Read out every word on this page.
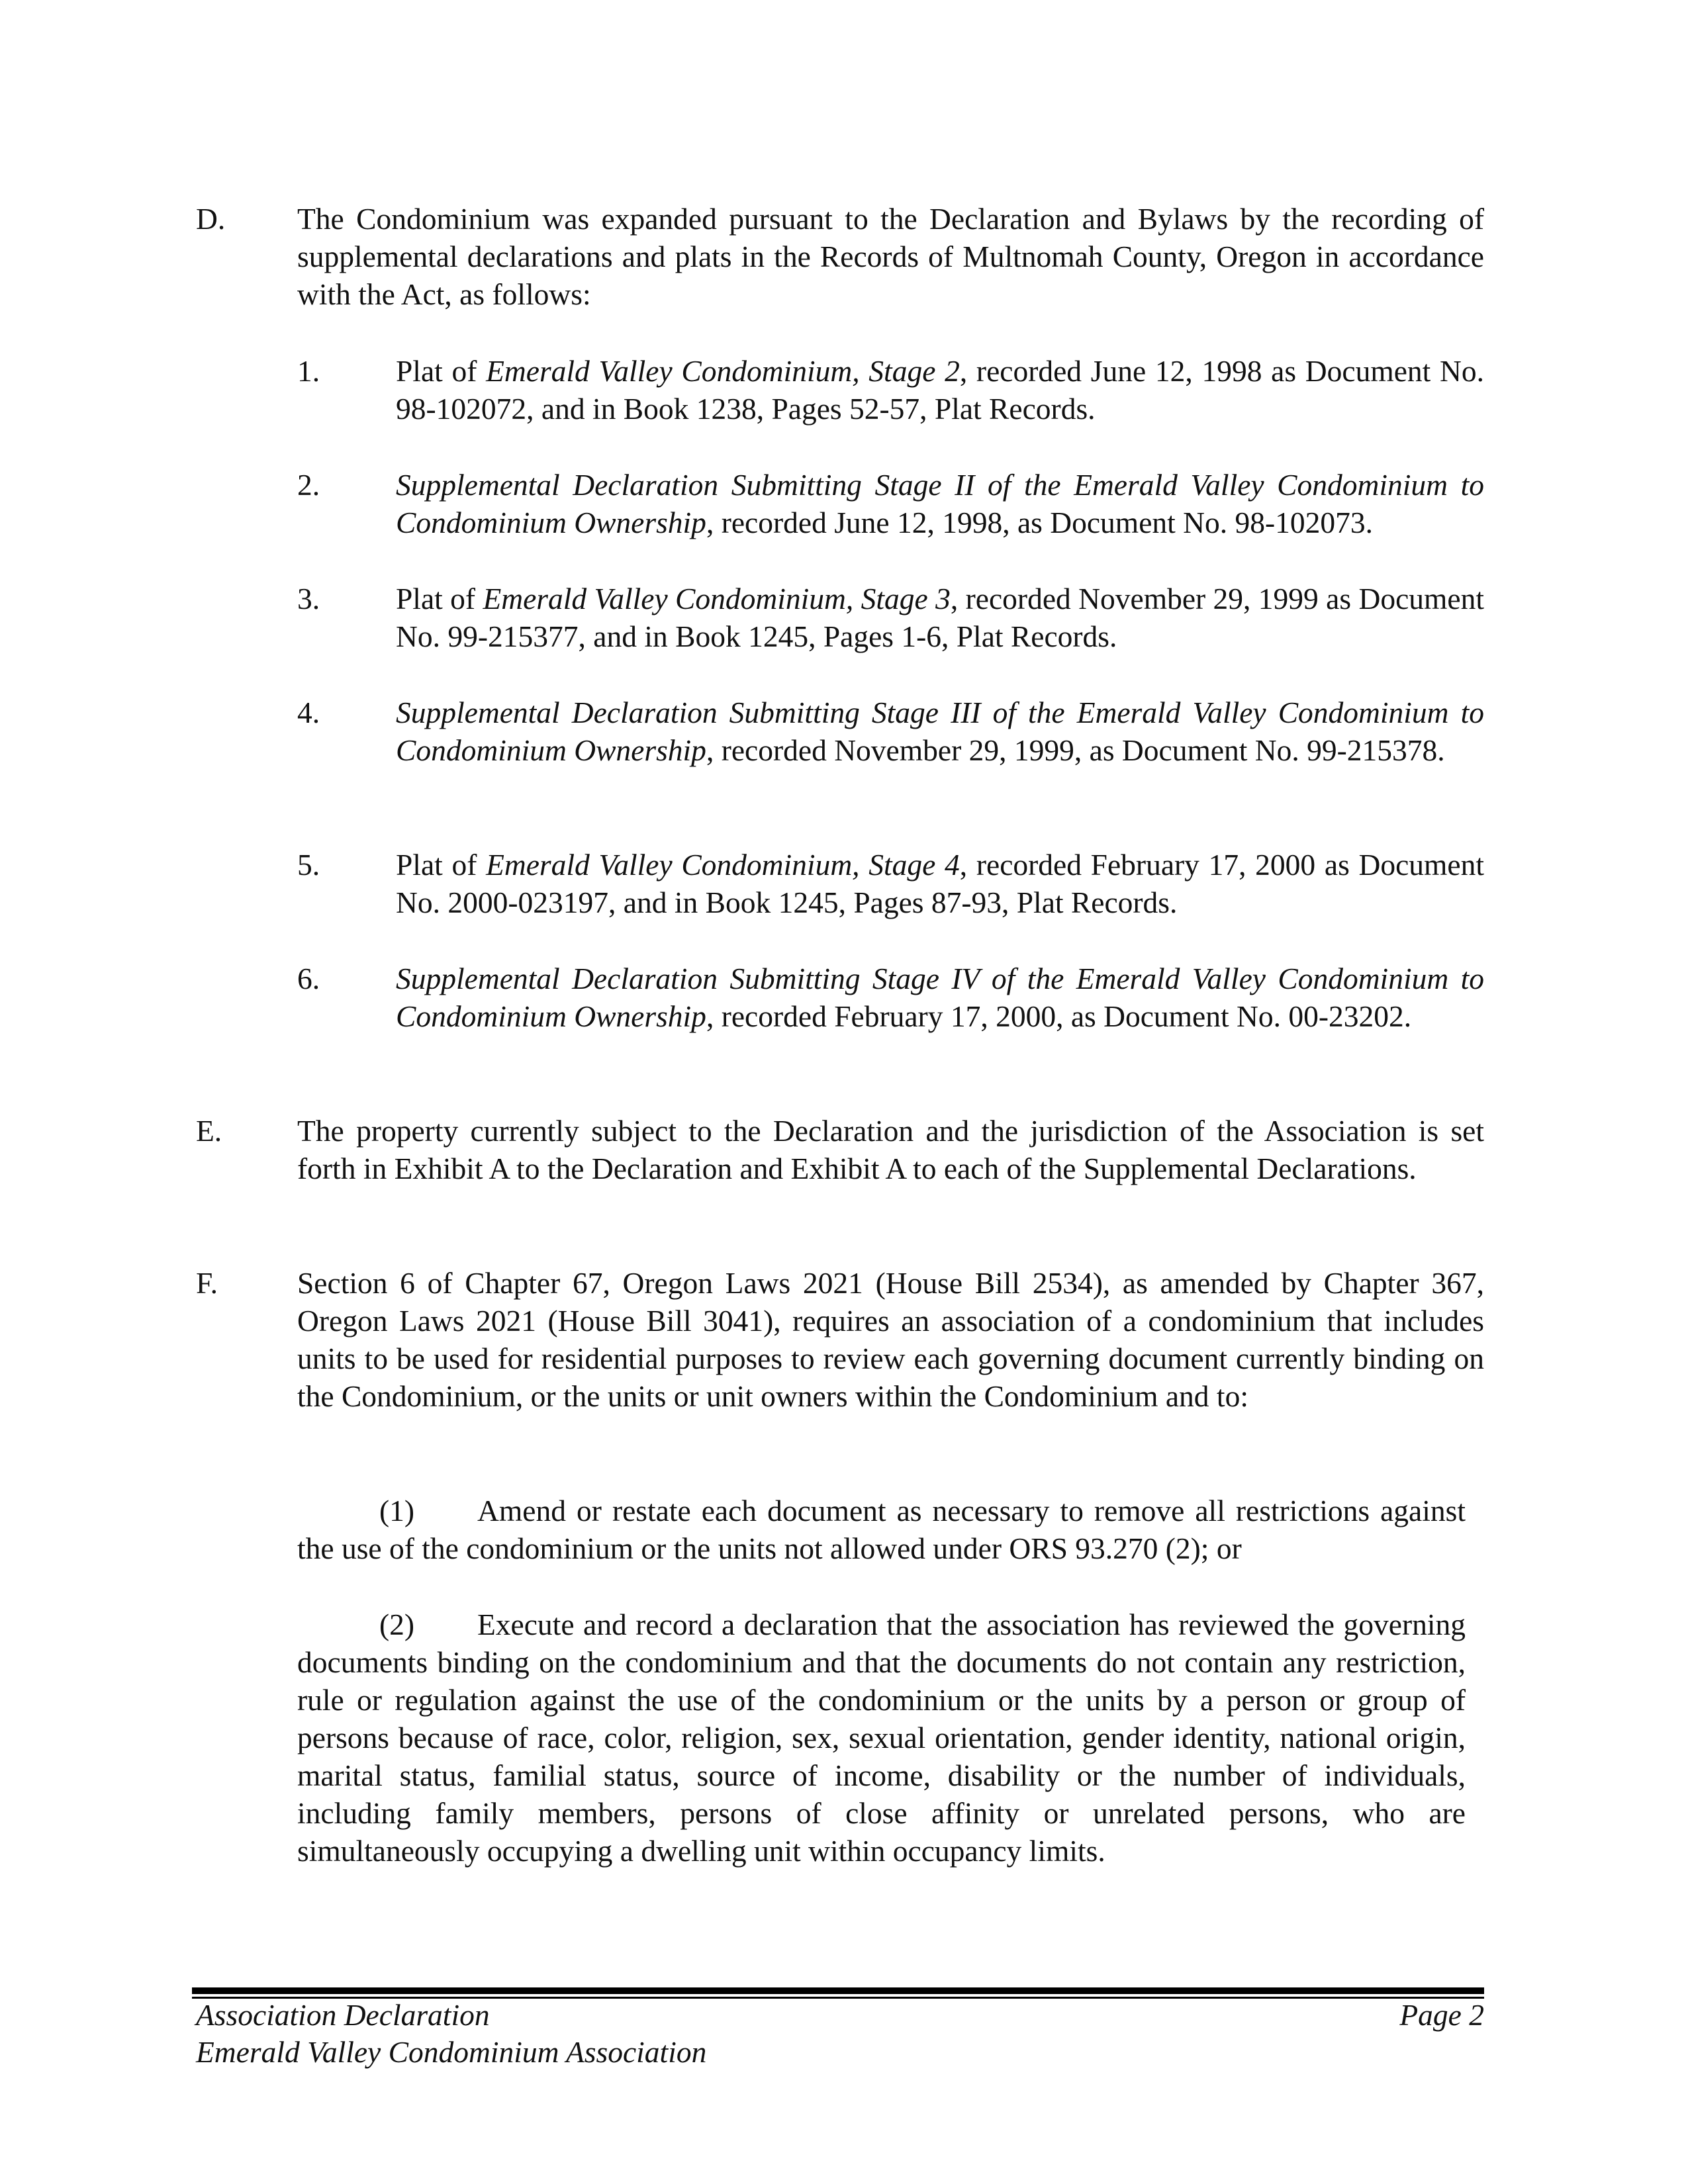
D. The Condominium was expanded pursuant to the Declaration and Bylaws by the recording of supplemental declarations and plats in the Records of Multnomah County, Oregon in accordance with the Act, as follows:
1.	Plat of Emerald Valley Condominium, Stage 2, recorded June 12, 1998 as Document No. 98-102072, and in Book 1238, Pages 52-57, Plat Records.
2.	Supplemental Declaration Submitting Stage II of the Emerald Valley Condominium to Condominium Ownership, recorded June 12, 1998, as Document No. 98-102073.
3.	Plat of Emerald Valley Condominium, Stage 3, recorded November 29, 1999 as Document No. 99-215377, and in Book 1245, Pages 1-6, Plat Records.
4.	Supplemental Declaration Submitting Stage III of the Emerald Valley Condominium to Condominium Ownership, recorded November 29, 1999, as Document No. 99-215378.
5.	Plat of Emerald Valley Condominium, Stage 4, recorded February 17, 2000 as Document No. 2000-023197, and in Book 1245, Pages 87-93, Plat Records.
6.	Supplemental Declaration Submitting Stage IV of the Emerald Valley Condominium to Condominium Ownership, recorded February 17, 2000, as Document No. 00-23202.
E.	The property currently subject to the Declaration and the jurisdiction of the Association is set forth in Exhibit A to the Declaration and Exhibit A to each of the Supplemental Declarations.
F.	Section 6 of Chapter 67, Oregon Laws 2021 (House Bill 2534), as amended by Chapter 367, Oregon Laws 2021 (House Bill 3041), requires an association of a condominium that includes units to be used for residential purposes to review each governing document currently binding on the Condominium, or the units or unit owners within the Condominium and to:
(1) Amend or restate each document as necessary to remove all restrictions against the use of the condominium or the units not allowed under ORS 93.270 (2); or
(2) Execute and record a declaration that the association has reviewed the governing documents binding on the condominium and that the documents do not contain any restriction, rule or regulation against the use of the condominium or the units by a person or group of persons because of race, color, religion, sex, sexual orientation, gender identity, national origin, marital status, familial status, source of income, disability or the number of individuals, including family members, persons of close affinity or unrelated persons, who are simultaneously occupying a dwelling unit within occupancy limits.
Association Declaration	Page 2
Emerald Valley Condominium Association
